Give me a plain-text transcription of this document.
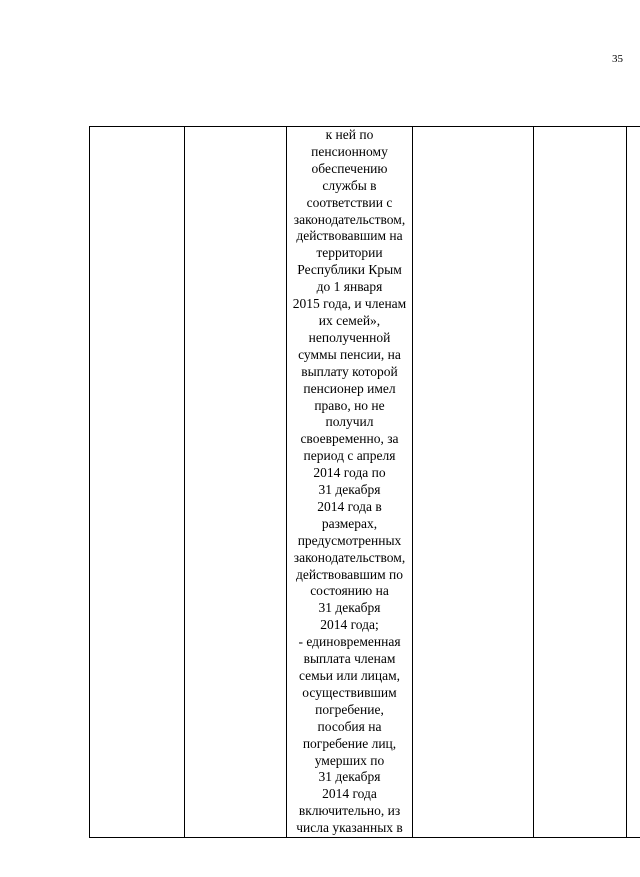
35

к ней по
пенсионному
обеспечению
службы в
соответствии с
законодательством,
действовавшим на
территории
Республики Крым
до 1 января
2015 года, и членам
их семей»,
неполученной
суммы пенсии, на
выплату которой
пенсионер имел
право, но не
получил
своевременно, за
период с апреля
2014 года по
31 декабря
2014 года в
размерах,
предусмотренных
законодательством,
действовавшим по
состоянию на
31 декабря
2014 года;
- единовременная
выплата членам
семьи или лицам,
осуществившим
погребение,
пособия на
погребение лиц,
умерших по
31 декабря
2014 года
включительно, из
числа указанных в
